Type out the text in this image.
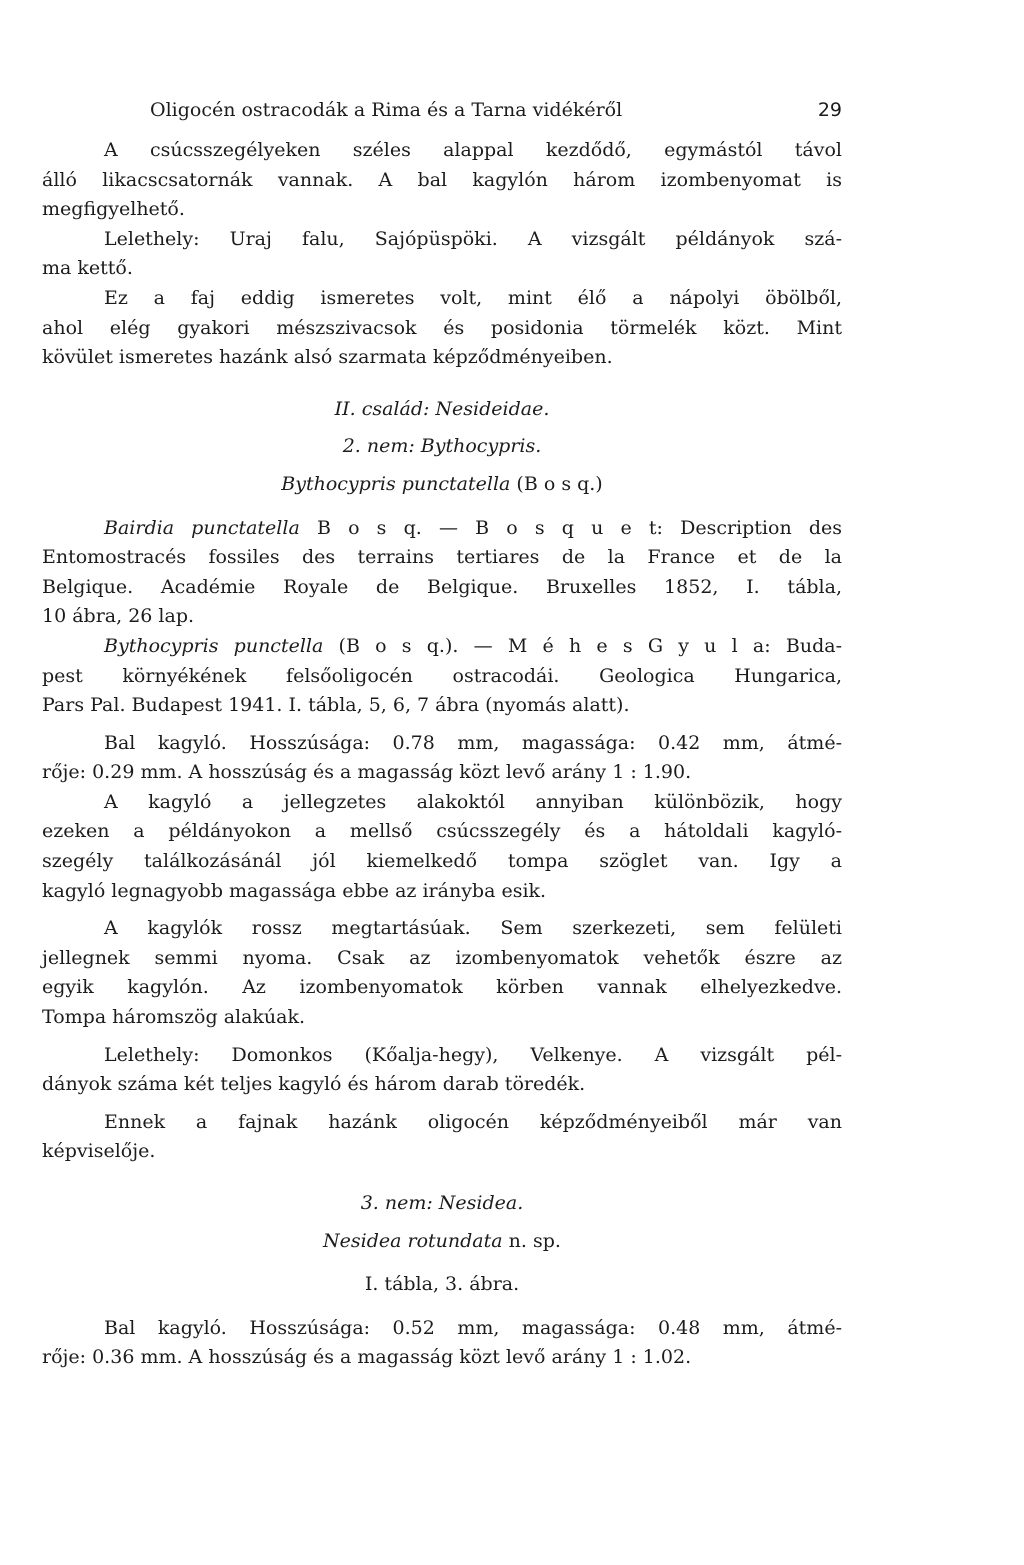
Oligocén ostracodák a Rima és a Tarna vidékéről	29
A csúcsszegélyeken széles alappal kezdődő, egymástól távol
álló likacscsatornák vannak. A bal kagylón három izombenyomat is
megfigyelhető.
Lelethely: Uraj falu, Sajópüspöki. A vizsgált példányok szá-
ma kettő.
Ez a faj eddig ismeretes volt, mint élő a nápolyi öbölből,
ahol elég gyakori mészszivacsok és posidonia törmelék közt. Mint
kövület ismeretes hazánk alsó szarmata képződményeiben.
II. család: Nesideidae.
2. nem: Bythocypris.
Bythocypris punctatella (B o s q.)
Bairdia punctatella B o s q. — B o s q u e t: Description des
Entomostracés fossiles des terrains tertiares de la France et de la
Belgique. Académie Royale de Belgique. Bruxelles 1852, I. tábla,
10 ábra, 26 lap.
Bythocypris punctella (B o s q.). — M é h e s G y u l a: Buda-
pest környékének felsőoligocén ostracodái. Geologica Hungarica,
Pars Pal. Budapest 1941. I. tábla, 5, 6, 7 ábra (nyomás alatt).
Bal kagyló. Hosszúsága: 0.78 mm, magassága: 0.42 mm, átmé-
rője: 0.29 mm. A hosszúság és a magasság közt levő arány 1 : 1.90.
A kagyló a jellegzetes alakoktól annyiban különbözik, hogy
ezeken a példányokon a mellső csúcsszegély és a hátoldali kagyló-
szegély találkozásánál jól kiemelkedő tompa szöglet van. Igy a
kagyló legnagyobb magassága ebbe az irányba esik.
A kagylók rossz megtartásúak. Sem szerkezeti, sem felületi
jellegnek semmi nyoma. Csak az izombenyomatok vehetők észre az
egyik kagylón. Az izombenyomatok körben vannak elhelyezkedve.
Tompa háromszög alakúak.
Lelethely: Domonkos (Kőalja-hegy), Velkenye. A vizsgált pél-
dányok száma két teljes kagyló és három darab töredék.
Ennek a fajnak hazánk oligocén képződményeiből már van
képviselője.
3. nem: Nesidea.
Nesidea rotundata n. sp.
I. tábla, 3. ábra.
Bal kagyló. Hosszúsága: 0.52 mm, magassága: 0.48 mm, átmé-
rője: 0.36 mm. A hosszúság és a magasság közt levő arány 1 : 1.02.
